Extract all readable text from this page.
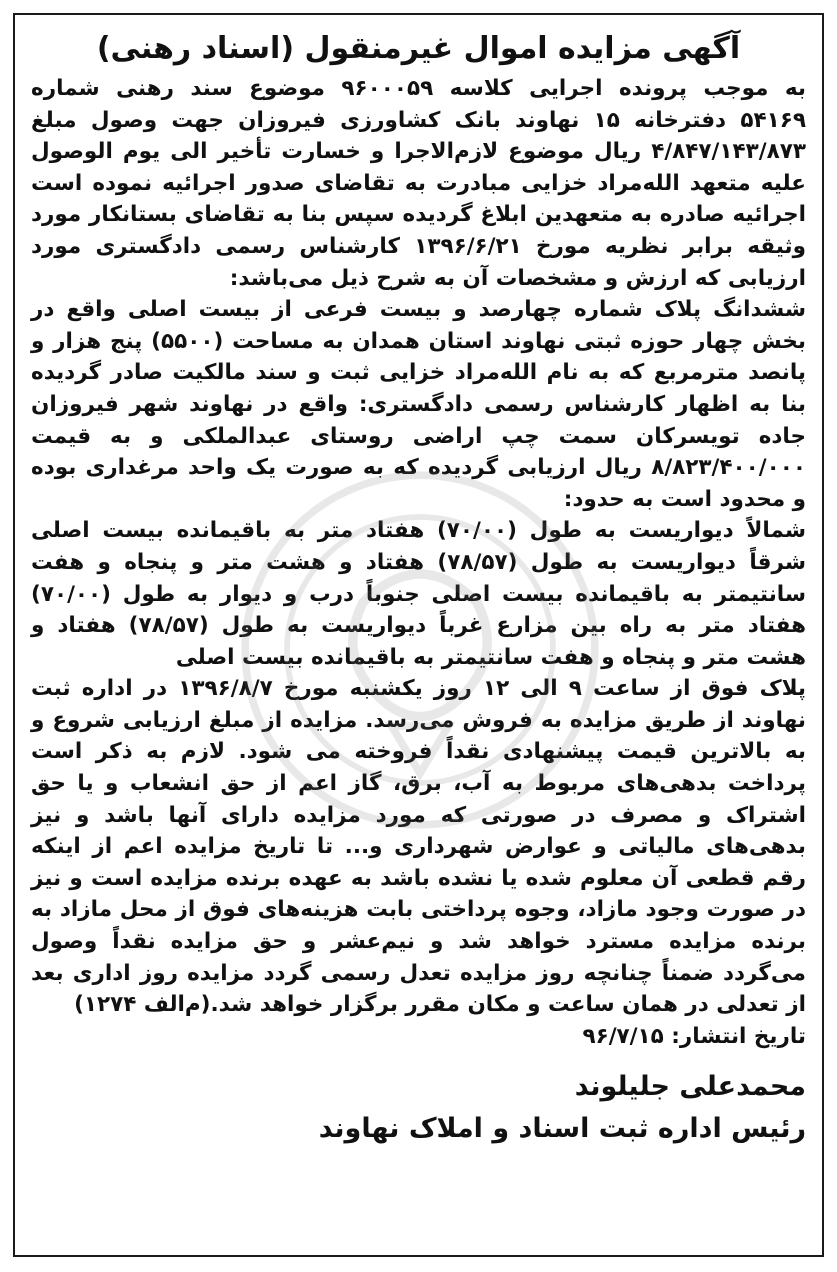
آگهی مزایده اموال غیرمنقول (اسناد رهنی)

به موجب پرونده اجرایی کلاسه ۹۶۰۰۰۵۹ موضوع سند رهنی شماره ۵۴۱۶۹ دفترخانه ۱۵ نهاوند بانک کشاورزی فیروزان جهت وصول مبلغ ۴/۸۴۷/۱۴۳/۸۷۳ ریال موضوع لازم‌الاجرا و خسارت تأخیر الی یوم الوصول علیه متعهد الله‌مراد خزایی مبادرت به تقاضای صدور اجرائیه نموده است اجرائیه صادره به متعهدین ابلاغ گردیده سپس بنا به تقاضای بستانکار مورد وثیقه برابر نظریه مورخ ۱۳۹۶/۶/۲۱ کارشناس رسمی دادگستری مورد ارزیابی که ارزش و مشخصات آن به شرح ذیل می‌باشد:

ششدانگ پلاک شماره چهارصد و بیست فرعی از بیست اصلی واقع در بخش چهار حوزه ثبتی نهاوند استان همدان به مساحت (۵۵۰۰) پنج هزار و پانصد مترمربع که به نام الله‌مراد خزایی ثبت و سند مالکیت صادر گردیده بنا به اظهار کارشناس رسمی دادگستری: واقع در نهاوند شهر فیروزان جاده تویسرکان سمت چپ اراضی روستای عبدالملکی و به قیمت ۸/۸۲۳/۴۰۰/۰۰۰ ریال ارزیابی گردیده که به صورت یک واحد مرغداری بوده و محدود است به حدود:

شمالاً دیواریست به طول (۷۰/۰۰) هفتاد متر به باقیمانده بیست اصلی شرقاً دیواریست به طول (۷۸/۵۷) هفتاد و هشت متر و پنجاه و هفت سانتیمتر به باقیمانده بیست اصلی جنوباً درب و دیوار به طول (۷۰/۰۰) هفتاد متر به راه بین مزارع غرباً دیواریست به طول (۷۸/۵۷) هفتاد و هشت متر و پنجاه و هفت سانتیمتر به باقیمانده بیست اصلی

پلاک فوق از ساعت ۹ الی ۱۲ روز یکشنبه مورخ ۱۳۹۶/۸/۷ در اداره ثبت نهاوند از طریق مزایده به فروش می‌رسد. مزایده از مبلغ ارزیابی شروع و به بالاترین قیمت پیشنهادی نقداً فروخته می شود. لازم به ذکر است پرداخت بدهی‌های مربوط به آب، برق، گاز اعم از حق انشعاب و یا حق اشتراک و مصرف در صورتی که مورد مزایده دارای آنها باشد و نیز بدهی‌های مالیاتی و عوارض شهرداری و... تا تاریخ مزایده اعم از اینکه رقم قطعی آن معلوم شده یا نشده باشد به عهده برنده مزایده است و نیز در صورت وجود مازاد، وجوه پرداختی بابت هزینه‌های فوق از محل مازاد به برنده مزایده مسترد خواهد شد و نیم‌عشر و حق مزایده نقداً وصول می‌گردد ضمناً چنانچه روز مزایده تعدل رسمی گردد مزایده روز اداری بعد از تعدلی در همان ساعت و مکان مقرر برگزار خواهد شد.(م‌الف ۱۲۷۴)

تاریخ انتشار: ۹۶/۷/۱۵

محمدعلی جلیلوند
رئیس اداره ثبت اسناد و املاک نهاوند
